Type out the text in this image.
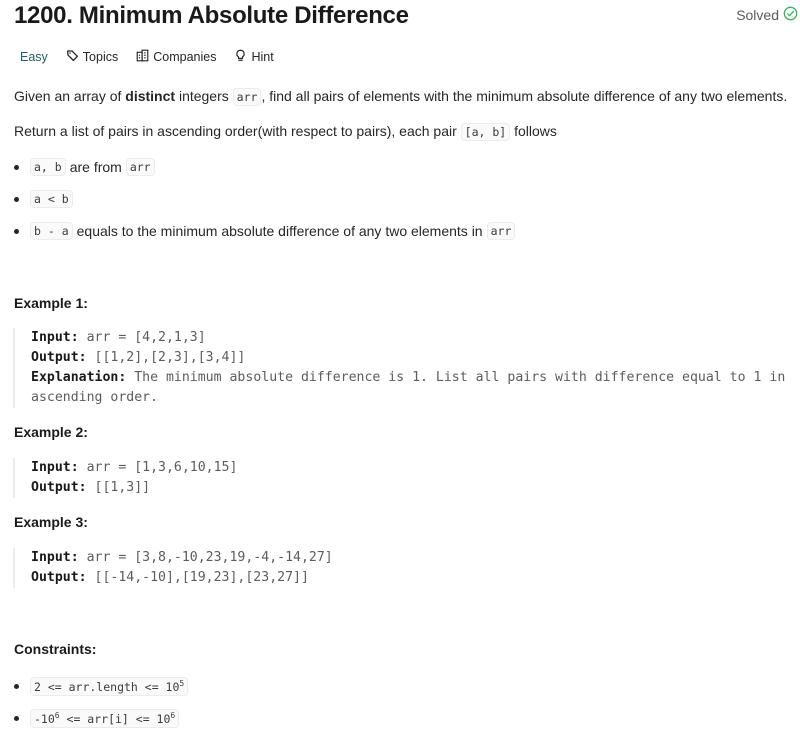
1200. Minimum Absolute Difference	Solved
Easy	Topics	Companies	Hint
Given an array of distinct integers arr , find all pairs of elements with the minimum absolute difference of any two elements.
Return a list of pairs in ascending order(with respect to pairs), each pair [a, b] follows
a, b are from arr
a < b
b - a equals to the minimum absolute difference of any two elements in arr
Example 1:
Input: arr = [4,2,1,3]
Output: [[1,2],[2,3],[3,4]]
Explanation: The minimum absolute difference is 1. List all pairs with difference equal to 1 in ascending order.
Example 2:
Input: arr = [1,3,6,10,15]
Output: [[1,3]]
Example 3:
Input: arr = [3,8,-10,23,19,-4,-14,27]
Output: [[-14,-10],[19,23],[23,27]]
Constraints:
2 <= arr.length <= $10^5$
$-10^6 <= arr[i] <= 10^6$
